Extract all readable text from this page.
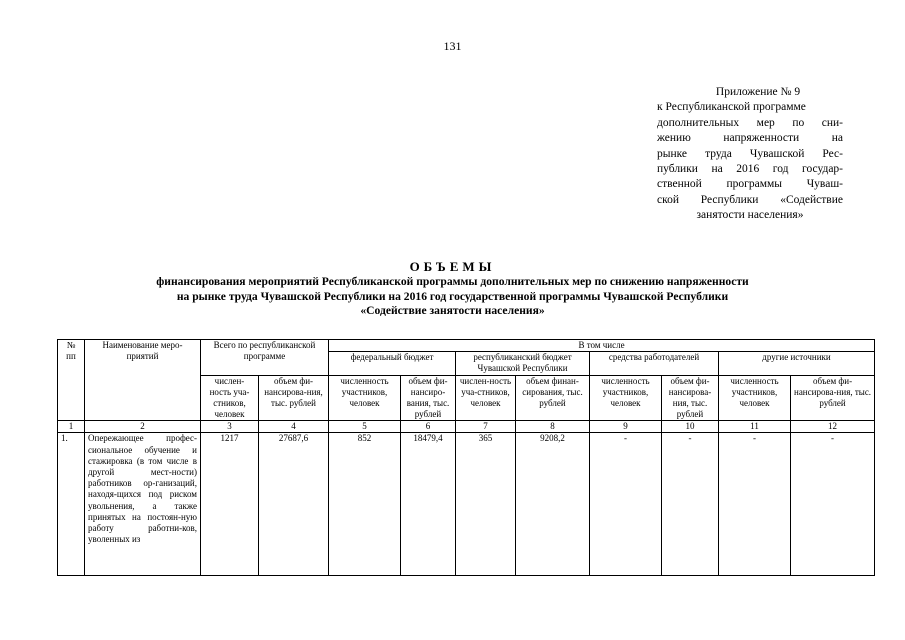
131
Приложение № 9
к Республиканской программе
дополнительных мер по сни-
жению напряженности на
рынке труда Чувашской Рес-
публики на 2016 год государ-
ственной программы Чуваш-
ской Республики «Содействие
занятости населения»
ОБЪЕМЫ
финансирования мероприятий Республиканской программы дополнительных мер по снижению напряженности
на рынке труда Чувашской Республики на 2016 год государственной программы Чувашской Республики
«Содействие занятости населения»
№ пп	Наименование меро-приятий	Всего по республиканской программе		В том числе							
				федеральный бюджет		республиканский бюджет Чувашской Республики		средства работодателей		другие источники	
		числен-ность уча-стников, человек	объем фи-нансирова-ния, тыс. рублей	численность участников, человек	объем фи-нансиро-вания, тыс. рублей	числен-ность уча-стников, человек	объем финан-сирования, тыс. рублей	численность участников, человек	объем фи-нансирова-ния, тыс. рублей	численность участников, человек	объем фи-нансирова-ния, тыс. рублей
1	2	3	4	5	6	7	8	9	10	11	12
1.	Опережающее профес-сиональное обучение и стажировка (в том числе в другой мест-ности) работников ор-ганизаций, находя-щихся под риском увольнения, а также принятых на постоян-ную работу работни-ков, уволенных из	1217	27687,6	852	18479,4	365	9208,2	-	-	-	-
